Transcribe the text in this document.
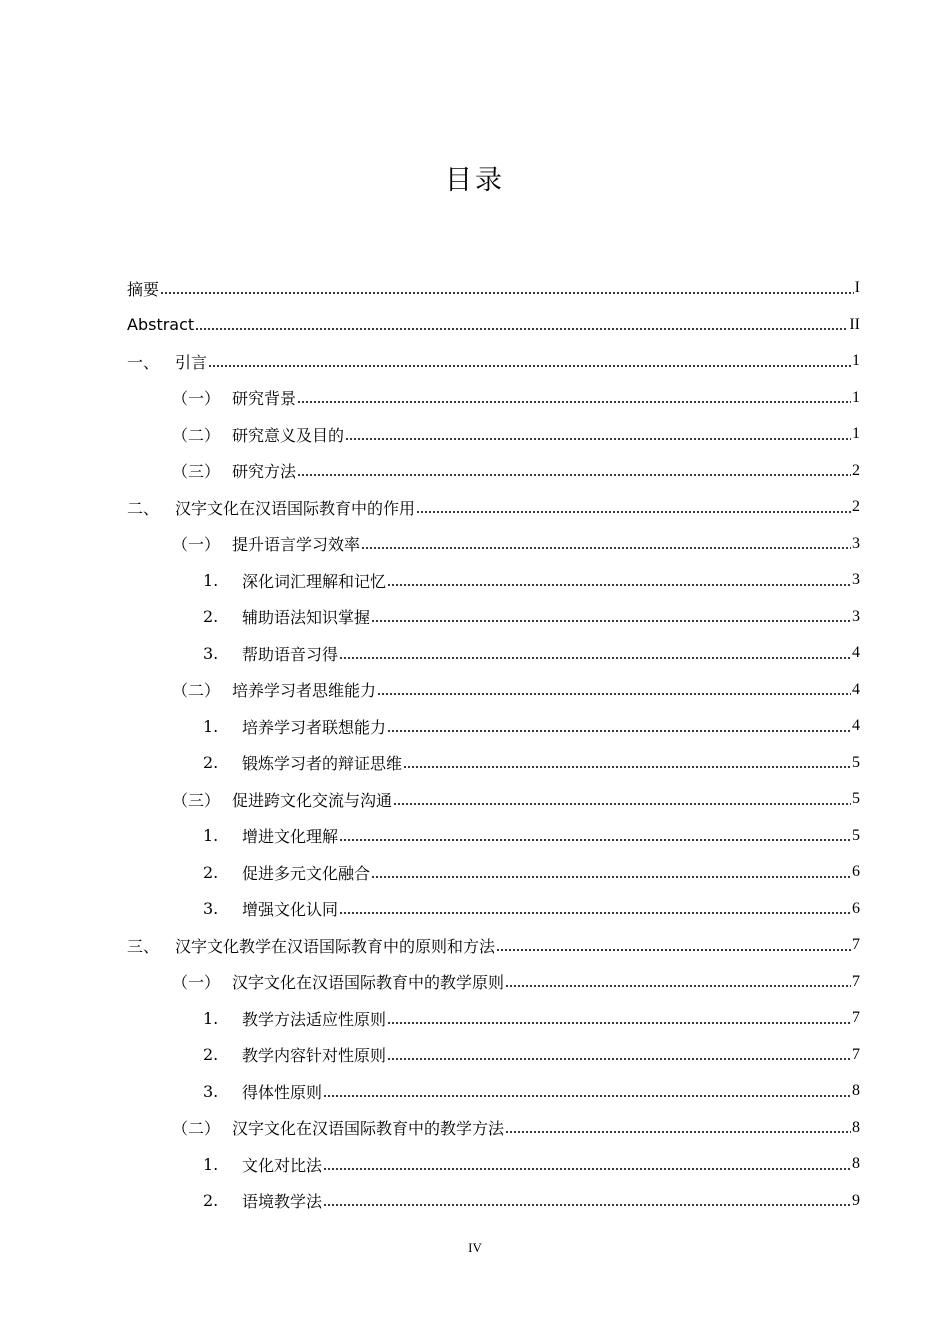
目录
摘要	I
Abstract	II
一、 引言	1
（一） 研究背景	1
（二） 研究意义及目的	1
（三） 研究方法	2
二、 汉字文化在汉语国际教育中的作用	2
（一） 提升语言学习效率	3
1.	深化词汇理解和记忆	3
2.	辅助语法知识掌握	3
3.	帮助语音习得	4
（二） 培养学习者思维能力	4
1.	培养学习者联想能力	4
2.	锻炼学习者的辩证思维	5
（三） 促进跨文化交流与沟通	5
1.	增进文化理解	5
2.	促进多元文化融合	6
3.	增强文化认同	6
三、 汉字文化教学在汉语国际教育中的原则和方法	7
（一） 汉字文化在汉语国际教育中的教学原则	7
1.	教学方法适应性原则	7
2.	教学内容针对性原则	7
3.	得体性原则	8
（二） 汉字文化在汉语国际教育中的教学方法	8
1.	文化对比法	8
2.	语境教学法	9
IV
